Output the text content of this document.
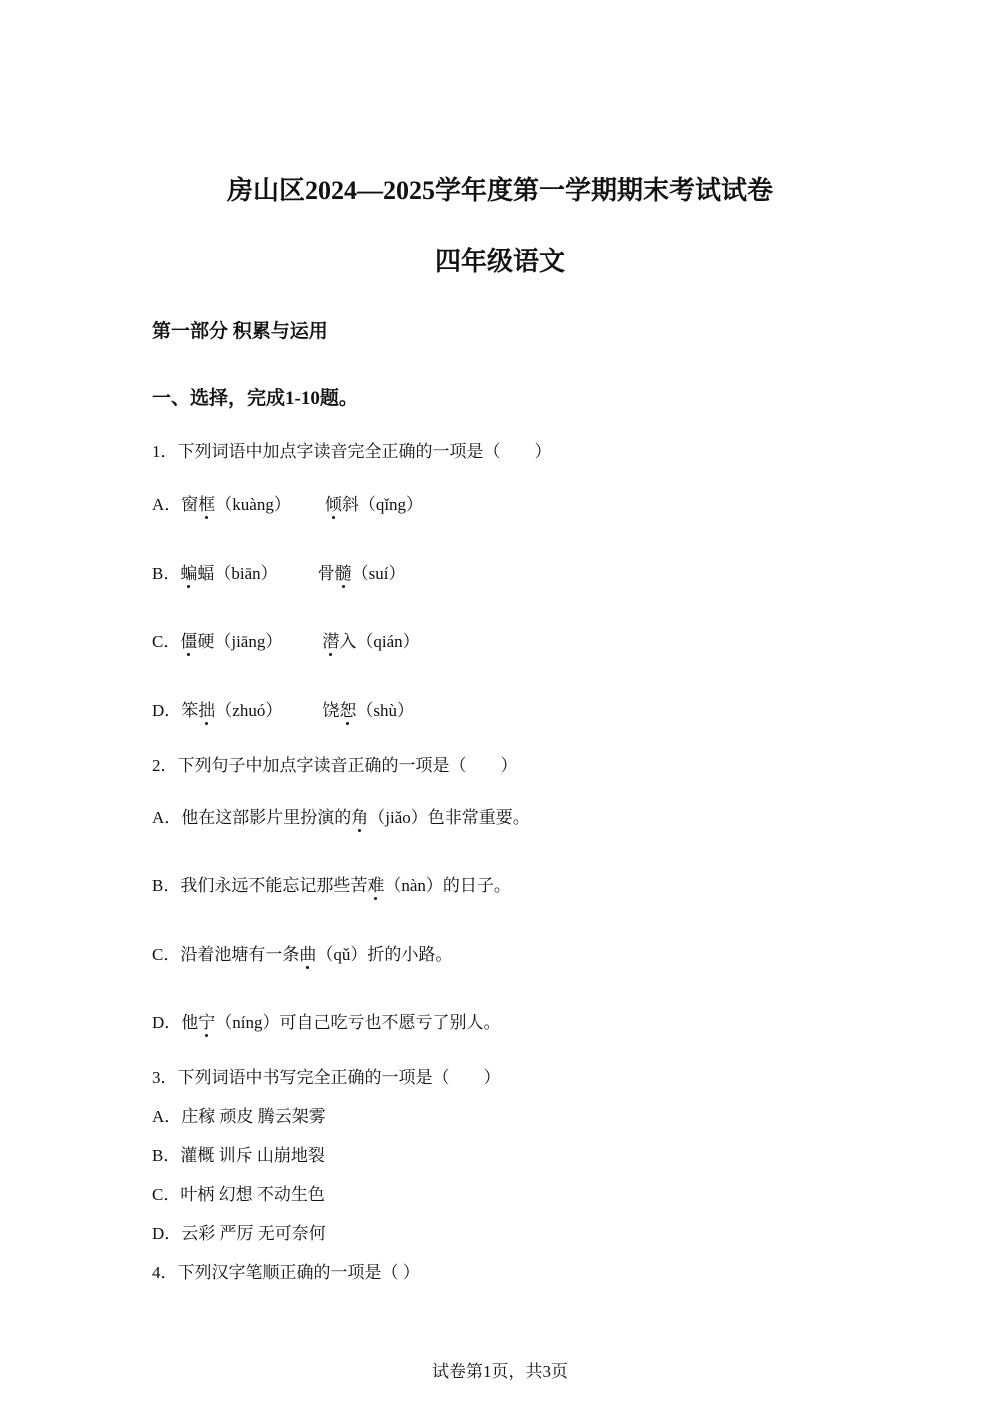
房山区2024—2025学年度第一学期期末考试试卷
四年级语文
第一部分 积累与运用
一、选择，完成1-10题。
1．下列词语中加点字读音完全正确的一项是（　　）
A．窗框（kuàng） 倾斜（qǐng）
B．蝙蝠（biān） 骨髓（suí）
C．僵硬（jiāng） 潜入（qián）
D．笨拙（zhuó） 饶恕（shù）
2．下列句子中加点字读音正确的一项是（　　）
A．他在这部影片里扮演的角（jiǎo）色非常重要。
B．我们永远不能忘记那些苦难（nàn）的日子。
C．沿着池塘有一条曲（qǔ）折的小路。
D．他宁（níng）可自己吃亏也不愿亏了别人。
3．下列词语中书写完全正确的一项是（　　）
A．庄稼 顽皮 腾云架雾
B．灌概 训斥 山崩地裂
C．叶柄 幻想 不动生色
D．云彩 严厉 无可奈何
4．下列汉字笔顺正确的一项是（ ）
试卷第1页，共3页
